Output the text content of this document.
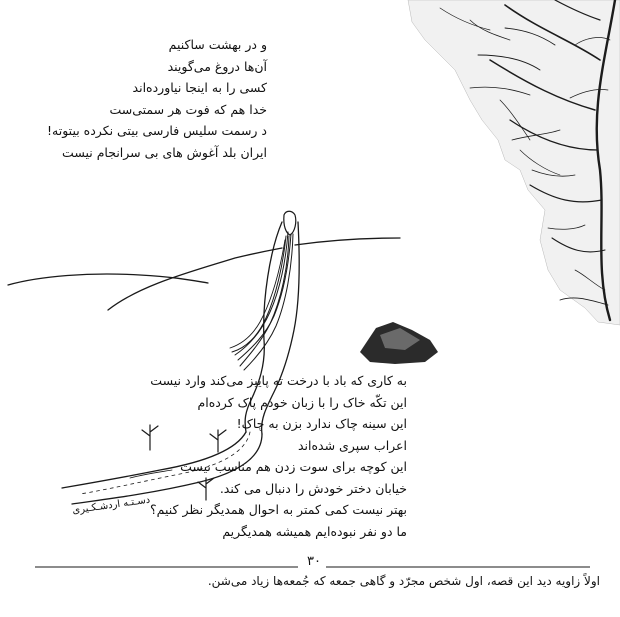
و در بهشت ساکنیم
آن‌ها دروغ می‌گویند
کسی را به اینجا نیاورده‌اند
خدا هم که فوت هر سمتی‌ست
د رسمت سلیس فارسی بیتی نکرده بیتوته!
ایران بلد آغوش های بی سرانجام نیست
به کاری که باد با درخت ته پاییز می‌کند وارد نیست
این تکّه خاک را با زبان خودم پاک کرده‌ام
این سینه چاک ندارد بزن به چاک!
اعراب سپری شده‌اند
این کوچه برای سوت زدن هم مناسب نیست
خیابان دختر خودش را دنبال می کند.
بهتر نیست کمی کمتر به احوال همدیگر نظر کنیم؟
ما دو نفر نبوده‌ایم همیشه همدیگریم
دسـتـه اردشـکـیری
۳۰
اولاً زاویه دید این قصه، اول شخص مجرّد و گاهی جمعه که جُمعه‌ها زیاد می‌شن.
